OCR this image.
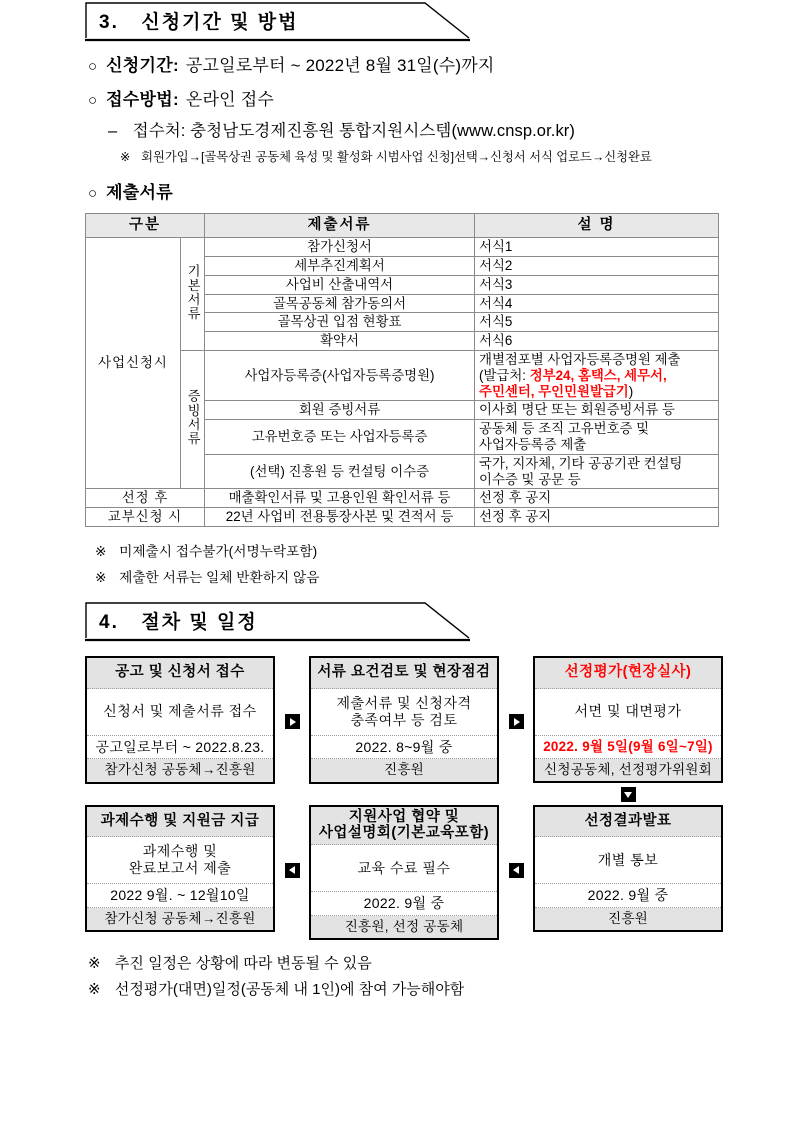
3. 신청기간 및 방법
○ 신청기간: 공고일로부터 ~ 2022년 8월 31일(수)까지
○ 접수방법: 온라인 접수
– 접수처: 충청남도경제진흥원 통합지원시스템(www.cnsp.or.kr)
※ 회원가입→[골목상권 공동체 육성 및 활성화 시범사업 신청]선택→신청서 서식 업로드→신청완료
○ 제출서류
구분		제출서류	설 명
사업신청시	기본서류	참가신청서	서식1
		세부추진계획서	서식2
		사업비 산출내역서	서식3
		골목공동체 참가동의서	서식4
		골목상권 입점 현황표	서식5
		확약서	서식6
	증빙서류	사업자등록증(사업자등록증명원)	개별점포별 사업자등록증명원 제출
(발급처: 정부24, 홈택스, 세무서,
주민센터, 무인민원발급기)

		회원 증빙서류	이사회 명단 또는 회원증빙서류 등
		고유번호증 또는 사업자등록증	공동체 등 조직 고유번호증 및
사업자등록증 제출

		(선택) 진흥원 등 컨설팅 이수증	국가, 지자체, 기타 공공기관 컨설팅
이수증 및 공문 등

선정 후		매출확인서류 및 고용인원 확인서류 등	선정 후 공지
교부신청 시		22년 사업비 전용통장사본 및 견적서 등	선정 후 공지
※ 미제출시 접수불가(서명누락포함)
※ 제출한 서류는 일체 반환하지 않음
4. 절차 및 일정
공고 및 신청서 접수
신청서 및 제출서류 접수
공고일로부터 ~ 2022.8.23.
참가신청 공동체→진흥원
서류 요건검토 및 현장점검
제출서류 및 신청자격
충족여부 등 검토
2022. 8~9월 중
진흥원
선정평가(현장실사)
서면 및 대면평가
2022. 9월 5일(9월 6일~7일)
신청공동체, 선정평가위원회
과제수행 및 지원금 지급
과제수행 및
완료보고서 제출
2022 9월. ~ 12월10일
참가신청 공동체→진흥원
지원사업 협약 및
사업설명회(기본교육포함)
교육 수료 필수
2022. 9월 중
진흥원, 선정 공동체
선정결과발표
개별 통보
2022. 9월 중
진흥원
※ 추진 일정은 상황에 따라 변동될 수 있음
※ 선정평가(대면)일정(공동체 내 1인)에 참여 가능해야함
